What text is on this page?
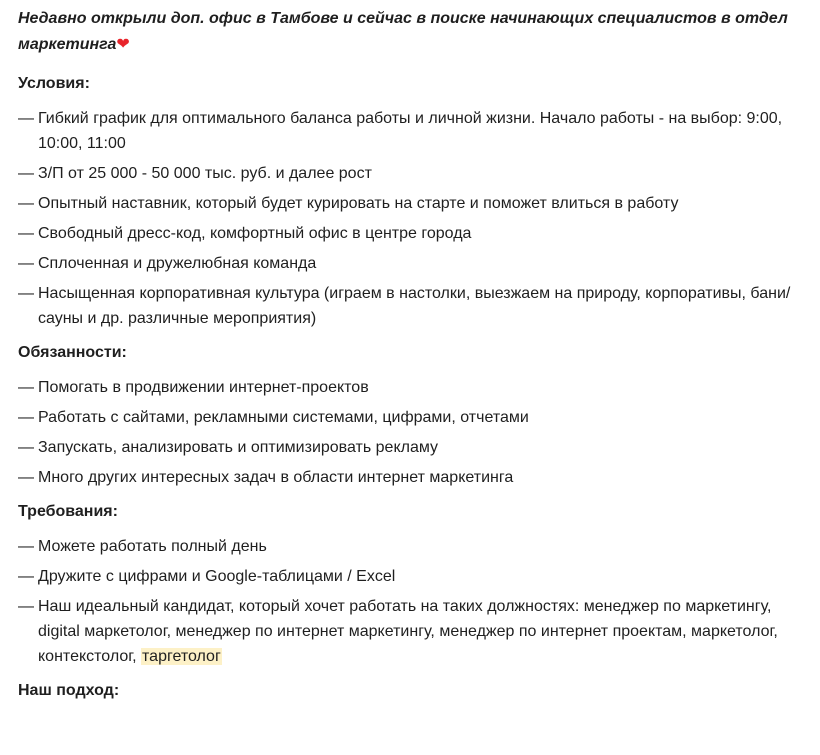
Недавно открыли доп. офис в Тамбове и сейчас в поиске начинающих специалистов в отдел маркетинга❤

Условия:
— Гибкий график для оптимального баланса работы и личной жизни. Начало работы - на выбор: 9:00, 10:00, 11:00
— З/П от 25 000 - 50 000 тыс. руб. и далее рост
— Опытный наставник, который будет курировать на старте и поможет влиться в работу
— Свободный дресс-код, комфортный офис в центре города
— Сплоченная и дружелюбная команда
— Насыщенная корпоративная культура (играем в настолки, выезжаем на природу, корпоративы, бани/сауны и др. различные мероприятия)
Обязанности:
— Помогать в продвижении интернет-проектов
— Работать с сайтами, рекламными системами, цифрами, отчетами
— Запускать, анализировать и оптимизировать рекламу
— Много других интересных задач в области интернет маркетинга
Требования:
— Можете работать полный день
— Дружите с цифрами и Google-таблицами / Excel
— Наш идеальный кандидат, который хочет работать на таких должностях: менеджер по маркетингу, digital маркетолог, менеджер по интернет маркетингу, менеджер по интернет проектам, маркетолог, контекстолог, таргетолог
Наш подход:
